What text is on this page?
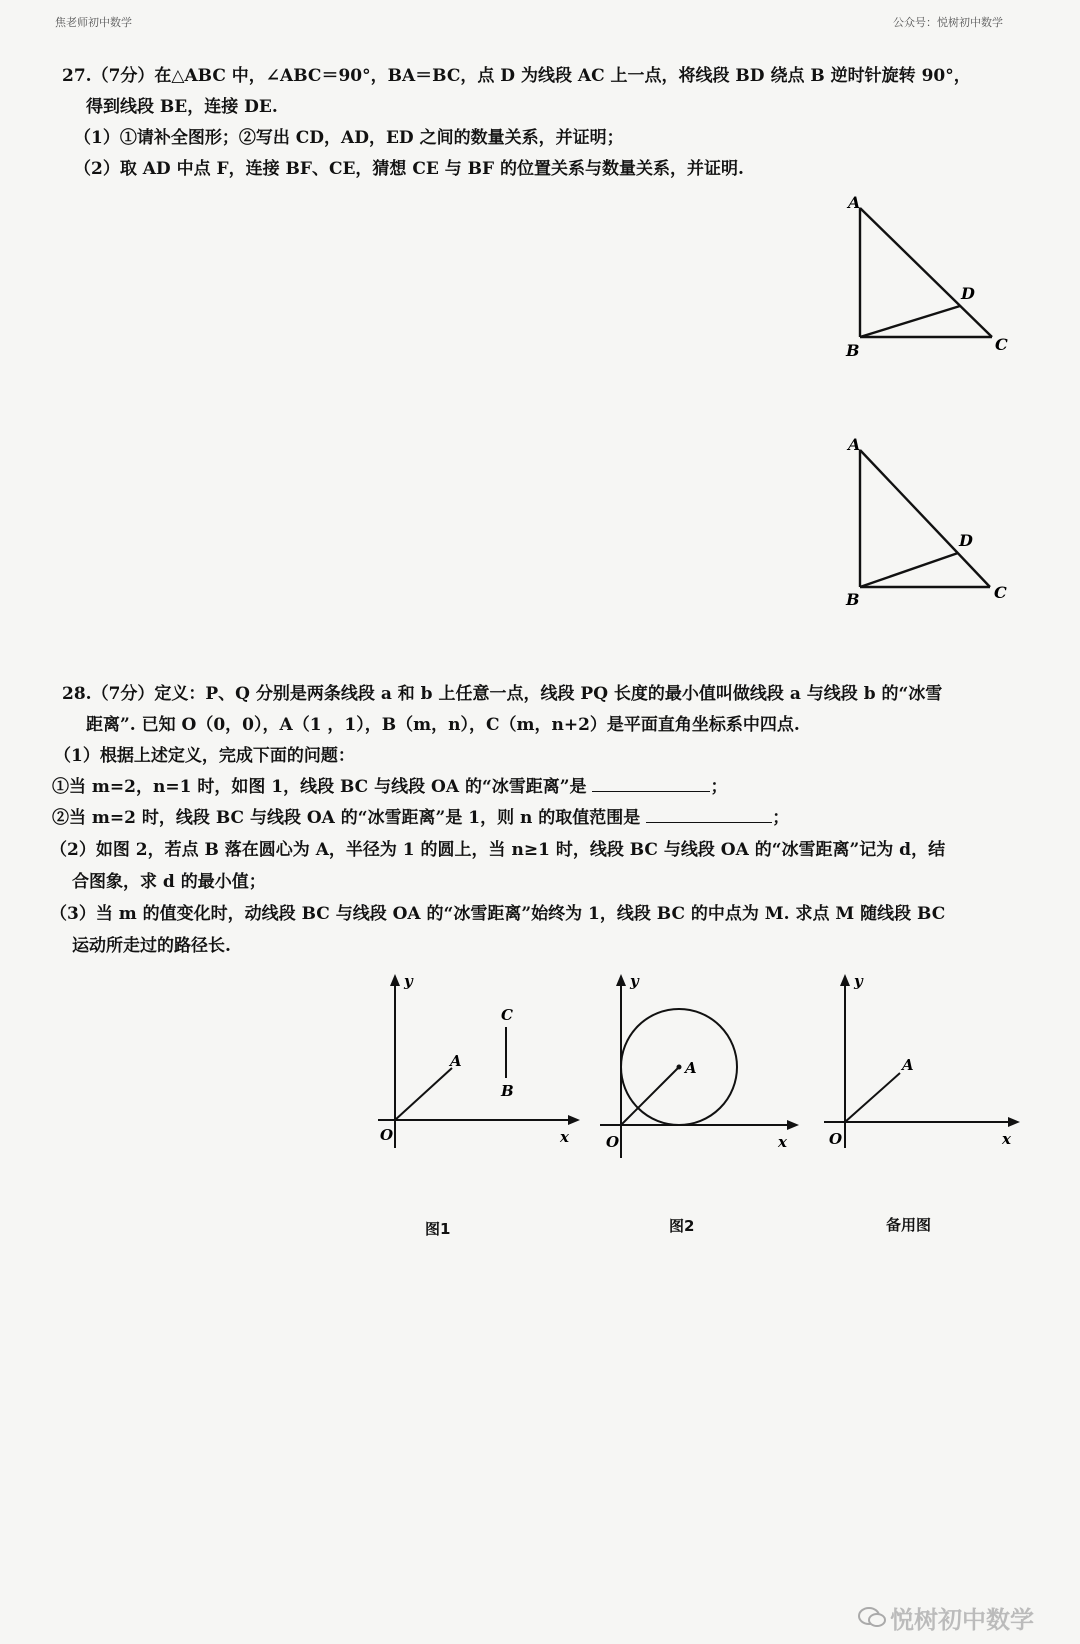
焦老师初中数学	公众号：悦树初中数学
27.（7分）在△ABC 中，∠ABC＝90°，BA＝BC，点 D 为线段 AC 上一点，将线段 BD 绕点 B 逆时针旋转 90°，
得到线段 BE，连接 DE.
（1）①请补全图形；②写出 CD，AD，ED 之间的数量关系，并证明；
（2）取 AD 中点 F，连接 BF、CE，猜想 CE 与 BF 的位置关系与数量关系，并证明.
A
B	C
D
A
B	C
D
28.（7分）定义：P、Q 分别是两条线段 a 和 b 上任意一点，线段 PQ 长度的最小值叫做线段 a 与线段 b 的“冰雪
距离”. 已知 O（0，0），A（1 ，1），B（m，n），C（m，n+2）是平面直角坐标系中四点.
（1）根据上述定义，完成下面的问题：
①当 m=2，n=1 时，如图 1，线段 BC 与线段 OA 的“冰雪距离”是	；
②当 m=2 时，线段 BC 与线段 OA 的“冰雪距离”是 1，则 n 的取值范围是	；
（2）如图 2，若点 B 落在圆心为 A，半径为 1 的圆上，当 n≥1 时，线段 BC 与线段 OA 的“冰雪距离”记为 d，结
合图象，求 d 的最小值；
（3）当 m 的值变化时，动线段 BC 与线段 OA 的“冰雪距离”始终为 1，线段 BC 的中点为 M. 求点 M 随线段 BC
运动所走过的路径长.
y
x
O
A
C
B
图1
y
x
O
A
图2
y
x
O
A
备用图
悦树初中数学
